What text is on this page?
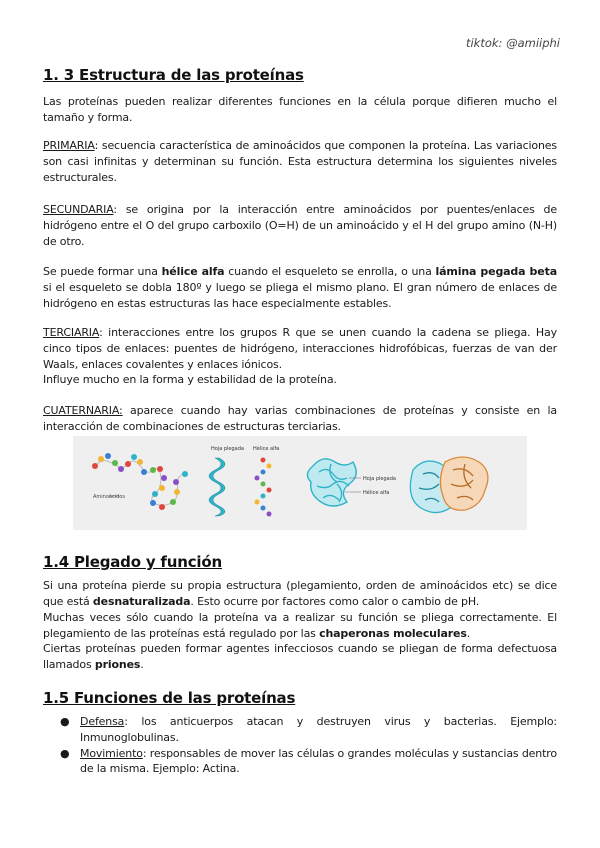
tiktok: @amiiphi
1. 3 Estructura de las proteínas
Las proteínas pueden realizar diferentes funciones en la célula porque difieren mucho el tamaño y forma.
PRIMARIA: secuencia característica de aminoácidos que componen la proteína. Las variaciones son casi infinitas y determinan su función. Esta estructura determina los siguientes niveles estructurales.
SECUNDARIA: se origina por la interacción entre aminoácidos por puentes/enlaces de hidrógeno entre el O del grupo carboxilo (O=H) de un aminoácido y el H del grupo amino (N-H) de otro.
Se puede formar una hélice alfa cuando el esqueleto se enrolla, o una lámina pegada beta si el esqueleto se dobla 180º y luego se pliega el mismo plano. El gran número de enlaces de hidrógeno en estas estructuras las hace especialmente estables.
TERCIARIA: interacciones entre los grupos R que se unen cuando la cadena se pliega. Hay cinco tipos de enlaces: puentes de hidrógeno, interacciones hidrofóbicas, fuerzas de van der Waals, enlaces covalentes y enlaces iónicos.
Influye mucho en la forma y estabilidad de la proteína.
CUATERNARIA: aparece cuando hay varias combinaciones de proteínas y consiste en la interacción de combinaciones de estructuras terciarias.
Aminoácidos
Hoja plegada Hélice alfa
Hoja plegada
Hélice alfa
1.4 Plegado y función
Si una proteína pierde su propia estructura (plegamiento, orden de aminoácidos etc) se dice que está desnaturalizada. Esto ocurre por factores como calor o cambio de pH.
Muchas veces sólo cuando la proteína va a realizar su función se pliega correctamente. El plegamiento de las proteínas está regulado por las chaperonas moleculares.
Ciertas proteínas pueden formar agentes infecciosos cuando se pliegan de forma defectuosa llamados priones.
1.5 Funciones de las proteínas
● Defensa: los anticuerpos atacan y destruyen virus y bacterias. Ejemplo: Inmunoglobulinas.
● Movimiento: responsables de mover las células o grandes moléculas y sustancias dentro de la misma. Ejemplo: Actina.
